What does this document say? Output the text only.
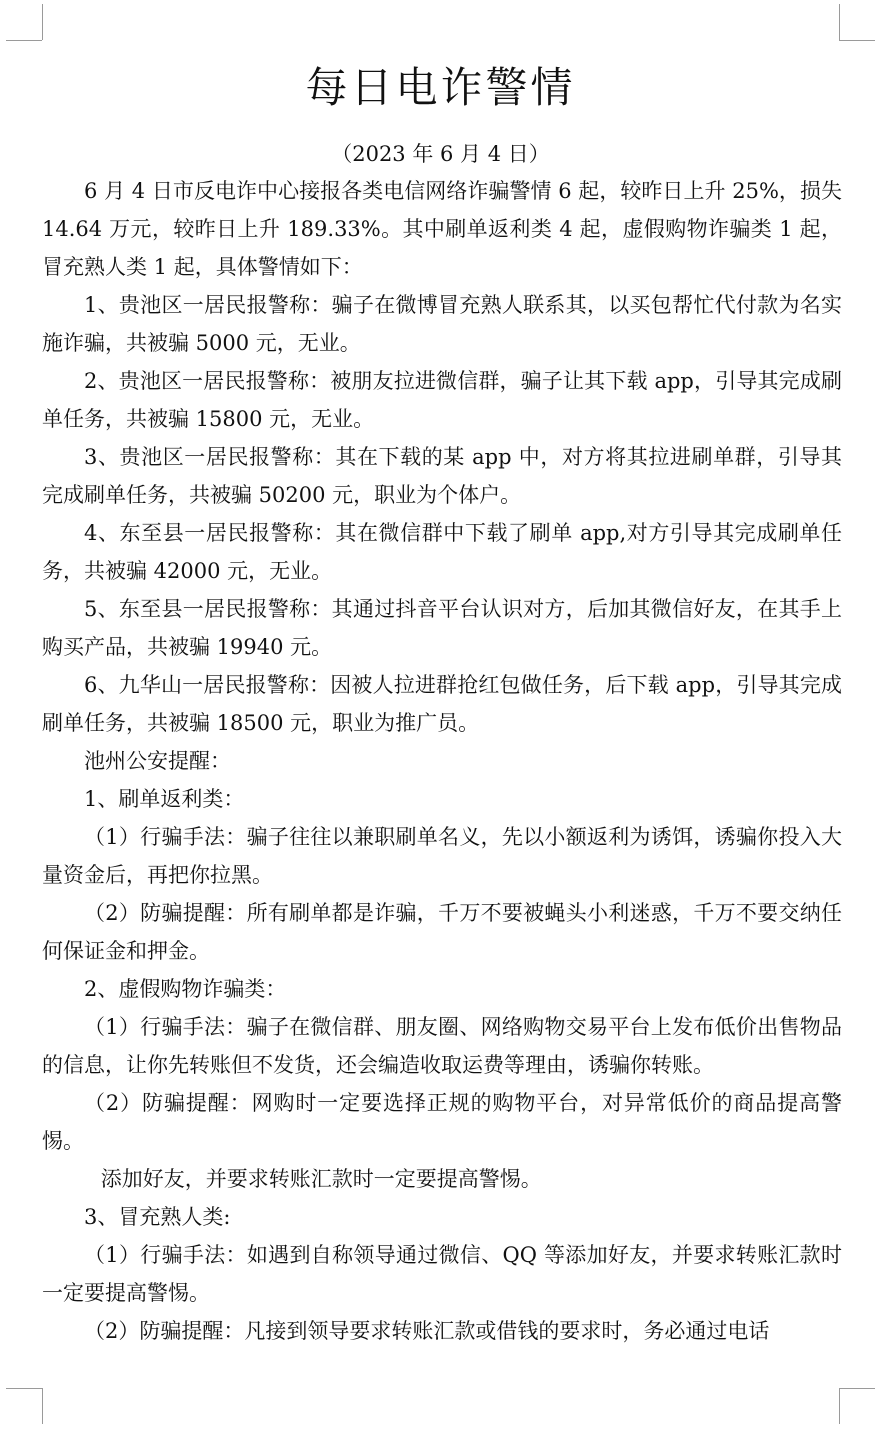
每日电诈警情
（2023 年 6 月 4 日）

6 月 4 日市反电诈中心接报各类电信网络诈骗警情 6 起，较昨日上升 25%，损失 14.64 万元，较昨日上升 189.33%。其中刷单返利类 4 起，虚假购物诈骗类 1 起，冒充熟人类 1 起，具体警情如下：

1、贵池区一居民报警称：骗子在微博冒充熟人联系其，以买包帮忙代付款为名实施诈骗，共被骗 5000 元，无业。

2、贵池区一居民报警称：被朋友拉进微信群，骗子让其下载 app，引导其完成刷单任务，共被骗 15800 元，无业。

3、贵池区一居民报警称：其在下载的某 app 中，对方将其拉进刷单群，引导其完成刷单任务，共被骗 50200 元，职业为个体户。

4、东至县一居民报警称：其在微信群中下载了刷单 app,对方引导其完成刷单任务，共被骗 42000 元，无业。

5、东至县一居民报警称：其通过抖音平台认识对方，后加其微信好友，在其手上购买产品，共被骗 19940 元。

6、九华山一居民报警称：因被人拉进群抢红包做任务，后下载 app，引导其完成刷单任务，共被骗 18500 元，职业为推广员。

池州公安提醒：

1、刷单返利类：

（1）行骗手法：骗子往往以兼职刷单名义，先以小额返利为诱饵，诱骗你投入大量资金后，再把你拉黑。

（2）防骗提醒：所有刷单都是诈骗，千万不要被蝇头小利迷惑，千万不要交纳任何保证金和押金。

2、虚假购物诈骗类：

（1）行骗手法：骗子在微信群、朋友圈、网络购物交易平台上发布低价出售物品的信息，让你先转账但不发货，还会编造收取运费等理由，诱骗你转账。

（2）防骗提醒：网购时一定要选择正规的购物平台，对异常低价的商品提高警惕。

添加好友，并要求转账汇款时一定要提高警惕。

3、冒充熟人类:

（1）行骗手法：如遇到自称领导通过微信、QQ 等添加好友，并要求转账汇款时一定要提高警惕。

（2）防骗提醒：凡接到领导要求转账汇款或借钱的要求时，务必通过电话
